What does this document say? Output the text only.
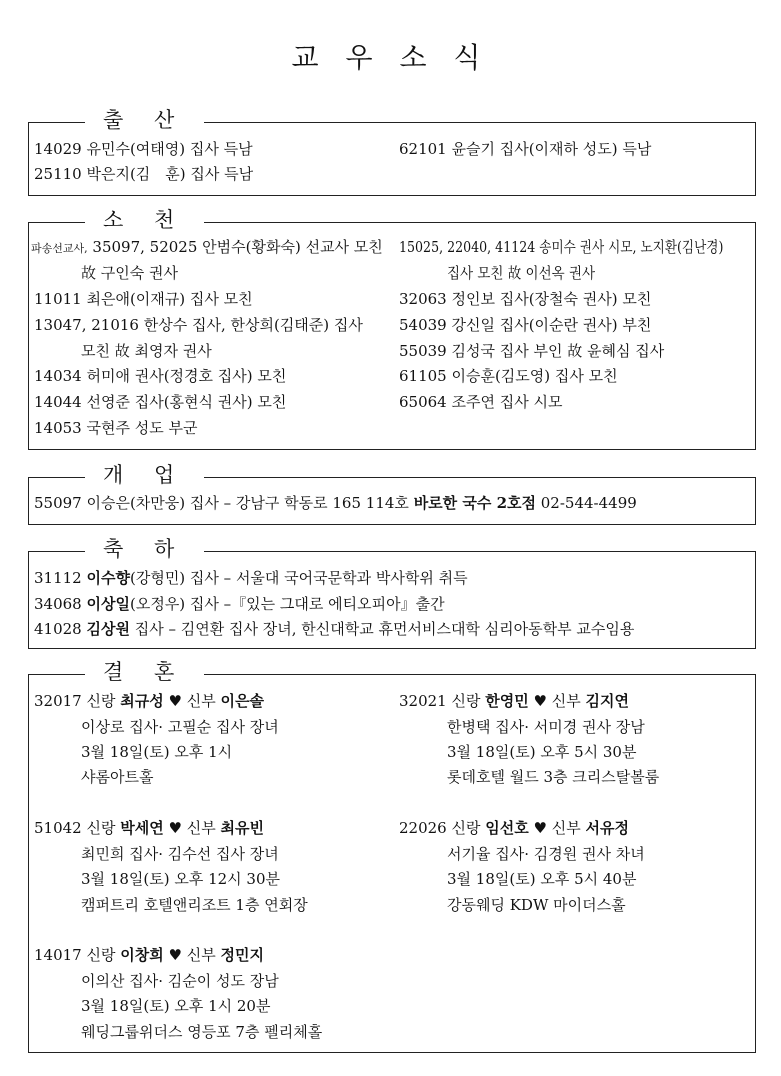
교 우 소 식
출 산
14029 유민수(여태영) 집사 득남
25110 박은지(김　훈) 집사 득남
62101 윤슬기 집사(이재하 성도) 득남
소 천
파송선교사, 35097, 52025 안범수(황화숙) 선교사 모친
故 구인숙 권사
11011 최은애(이재규) 집사 모친
13047, 21016 한상수 집사, 한상희(김태준) 집사
모친 故 최영자 권사
14034 허미애 권사(정경호 집사) 모친
14044 선영준 집사(홍현식 권사) 모친
14053 국현주 성도 부군
15025, 22040, 41124 송미수 권사 시모, 노지환(김난경)
집사 모친 故 이선옥 권사
32063 정인보 집사(장철숙 권사) 모친
54039 강신일 집사(이순란 권사) 부친
55039 김성국 집사 부인 故 윤혜심 집사
61105 이승훈(김도영) 집사 모친
65064 조주연 집사 시모
개 업
55097 이승은(차만웅) 집사 – 강남구 학동로 165 114호 바로한 국수 2호점 02-544-4499
축 하
31112 이수향(강형민) 집사 – 서울대 국어국문학과 박사학위 취득
34068 이상일(오정우) 집사 –『있는 그대로 에티오피아』출간
41028 김상원 집사 – 김연환 집사 장녀, 한신대학교 휴먼서비스대학 심리아동학부 교수임용
결 혼
32017 신랑 최규성 ♥ 신부 이은솔
이상로 집사· 고필순 집사 장녀
3월 18일(토) 오후 1시
샤롬아트홀
32021 신랑 한영민 ♥ 신부 김지연
한병택 집사· 서미경 권사 장남
3월 18일(토) 오후 5시 30분
롯데호텔 월드 3층 크리스탈볼룸
51042 신랑 박세연 ♥ 신부 최유빈
최민희 집사· 김수선 집사 장녀
3월 18일(토) 오후 12시 30분
캠퍼트리 호텔앤리조트 1층 연회장
22026 신랑 임선호 ♥ 신부 서유정
서기율 집사· 김경원 권사 차녀
3월 18일(토) 오후 5시 40분
강동웨딩 KDW 마이더스홀
14017 신랑 이창희 ♥ 신부 정민지
이의산 집사· 김순이 성도 장남
3월 18일(토) 오후 1시 20분
웨딩그룹위더스 영등포 7층 펠리체홀
